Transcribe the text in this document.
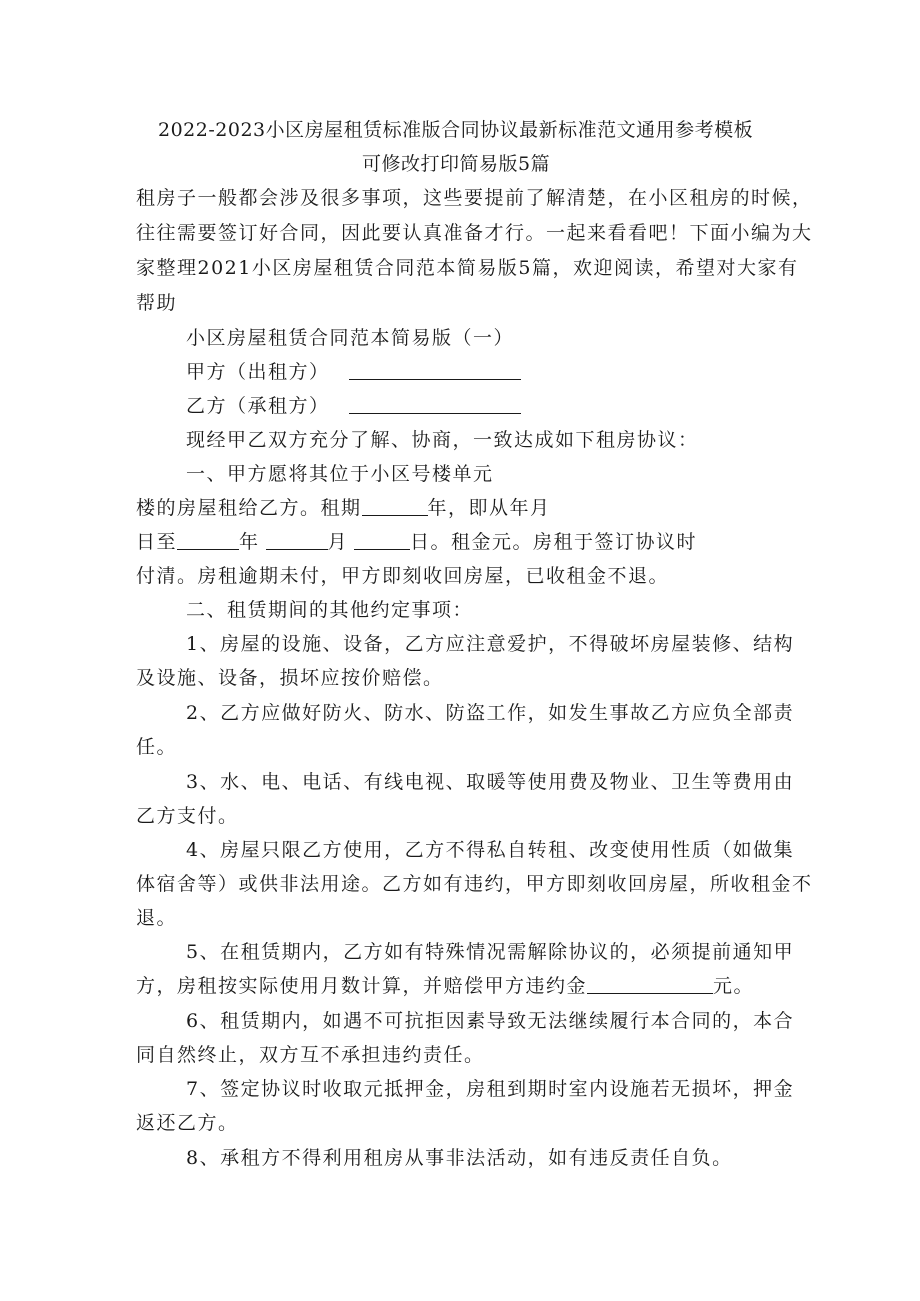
2022-2023小区房屋租赁标准版合同协议最新标准范文通用参考模板
可修改打印简易版5篇
租房子一般都会涉及很多事项，这些要提前了解清楚，在小区租房的时候，
往往需要签订好合同，因此要认真准备才行。一起来看看吧！下面小编为大
家整理2021小区房屋租赁合同范本简易版5篇，欢迎阅读，希望对大家有
帮助
小区房屋租赁合同范本简易版（一）
甲方（出租方）
乙方（承租方）
现经甲乙双方充分了解、协商，一致达成如下租房协议：
一、甲方愿将其位于小区号楼单元
楼的房屋租给乙方。租期	年，即从年月
日至	年	月	日。租金元。房租于签订协议时
付清。房租逾期未付，甲方即刻收回房屋，已收租金不退。
二、租赁期间的其他约定事项：
1、房屋的设施、设备，乙方应注意爱护，不得破坏房屋装修、结构
及设施、设备，损坏应按价赔偿。
2、乙方应做好防火、防水、防盗工作，如发生事故乙方应负全部责
任。
3、水、电、电话、有线电视、取暖等使用费及物业、卫生等费用由
乙方支付。
4、房屋只限乙方使用，乙方不得私自转租、改变使用性质（如做集
体宿舍等）或供非法用途。乙方如有违约，甲方即刻收回房屋，所收租金不
退。
5、在租赁期内，乙方如有特殊情况需解除协议的，必须提前通知甲
方，房租按实际使用月数计算，并赔偿甲方违约金	元。
6、租赁期内，如遇不可抗拒因素导致无法继续履行本合同的，本合
同自然终止，双方互不承担违约责任。
7、签定协议时收取元抵押金，房租到期时室内设施若无损坏，押金
返还乙方。
8、承租方不得利用租房从事非法活动，如有违反责任自负。
